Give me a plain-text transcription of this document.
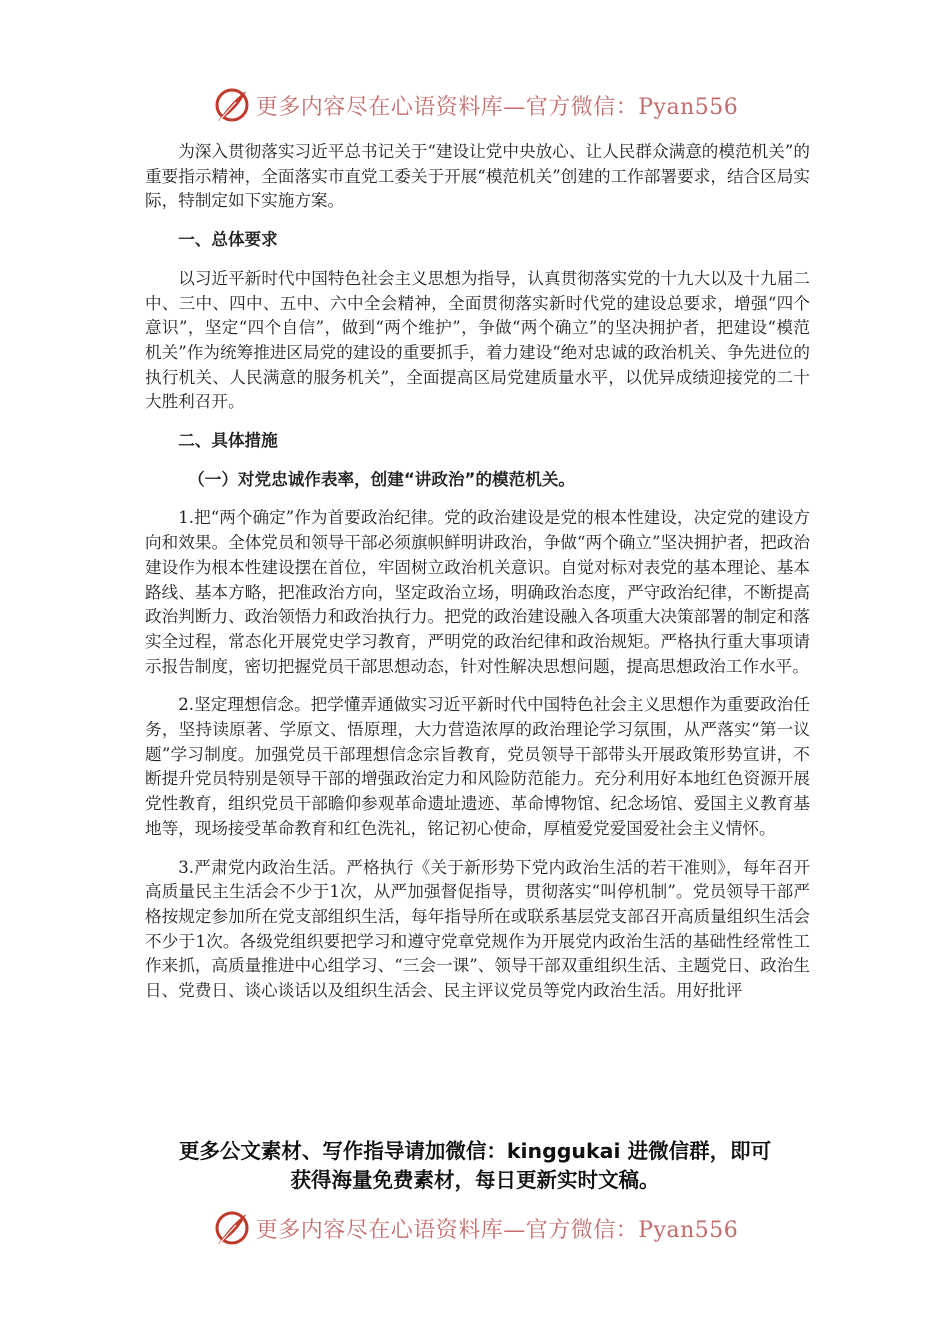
更多内容尽在心语资料库—官方微信：Pyan556

为深入贯彻落实习近平总书记关于“建设让党中央放心、让人民群众满意的模范机关”的重要指示精神，全面落实市直党工委关于开展“模范机关”创建的工作部署要求，结合区局实际，特制定如下实施方案。

一、总体要求

以习近平新时代中国特色社会主义思想为指导，认真贯彻落实党的十九大以及十九届二中、三中、四中、五中、六中全会精神，全面贯彻落实新时代党的建设总要求，增强“四个意识”，坚定“四个自信”，做到“两个维护”，争做“两个确立”的坚决拥护者，把建设“模范机关”作为统筹推进区局党的建设的重要抓手，着力建设“绝对忠诚的政治机关、争先进位的执行机关、人民满意的服务机关”，全面提高区局党建质量水平，以优异成绩迎接党的二十大胜利召开。

二、具体措施
（一）对党忠诚作表率，创建“讲政治”的模范机关。

1.把“两个确定”作为首要政治纪律。党的政治建设是党的根本性建设，决定党的建设方向和效果。全体党员和领导干部必须旗帜鲜明讲政治，争做“两个确立”坚决拥护者，把政治建设作为根本性建设摆在首位，牢固树立政治机关意识。自觉对标对表党的基本理论、基本路线、基本方略，把准政治方向，坚定政治立场，明确政治态度，严守政治纪律，不断提高政治判断力、政治领悟力和政治执行力。把党的政治建设融入各项重大决策部署的制定和落实全过程，常态化开展党史学习教育，严明党的政治纪律和政治规矩。严格执行重大事项请示报告制度，密切把握党员干部思想动态，针对性解决思想问题，提高思想政治工作水平。

2.坚定理想信念。把学懂弄通做实习近平新时代中国特色社会主义思想作为重要政治任务，坚持读原著、学原文、悟原理，大力营造浓厚的政治理论学习氛围，从严落实“第一议题”学习制度。加强党员干部理想信念宗旨教育，党员领导干部带头开展政策形势宣讲，不断提升党员特别是领导干部的增强政治定力和风险防范能力。充分利用好本地红色资源开展党性教育，组织党员干部瞻仰参观革命遗址遗迹、革命博物馆、纪念场馆、爱国主义教育基地等，现场接受革命教育和红色洗礼，铭记初心使命，厚植爱党爱国爱社会主义情怀。

3.严肃党内政治生活。严格执行《关于新形势下党内政治生活的若干准则》，每年召开高质量民主生活会不少于1次，从严加强督促指导，贯彻落实“叫停机制”。党员领导干部严格按规定参加所在党支部组织生活，每年指导所在或联系基层党支部召开高质量组织生活会不少于1次。各级党组织要把学习和遵守党章党规作为开展党内政治生活的基础性经常性工作来抓，高质量推进中心组学习、“三会一课”、领导干部双重组织生活、主题党日、政治生日、党费日、谈心谈话以及组织生活会、民主评议党员等党内政治生活。用好批评

更多公文素材、写作指导请加微信：kinggukai 进微信群，即可
获得海量免费素材，每日更新实时文稿。
更多内容尽在心语资料库—官方微信：Pyan556
